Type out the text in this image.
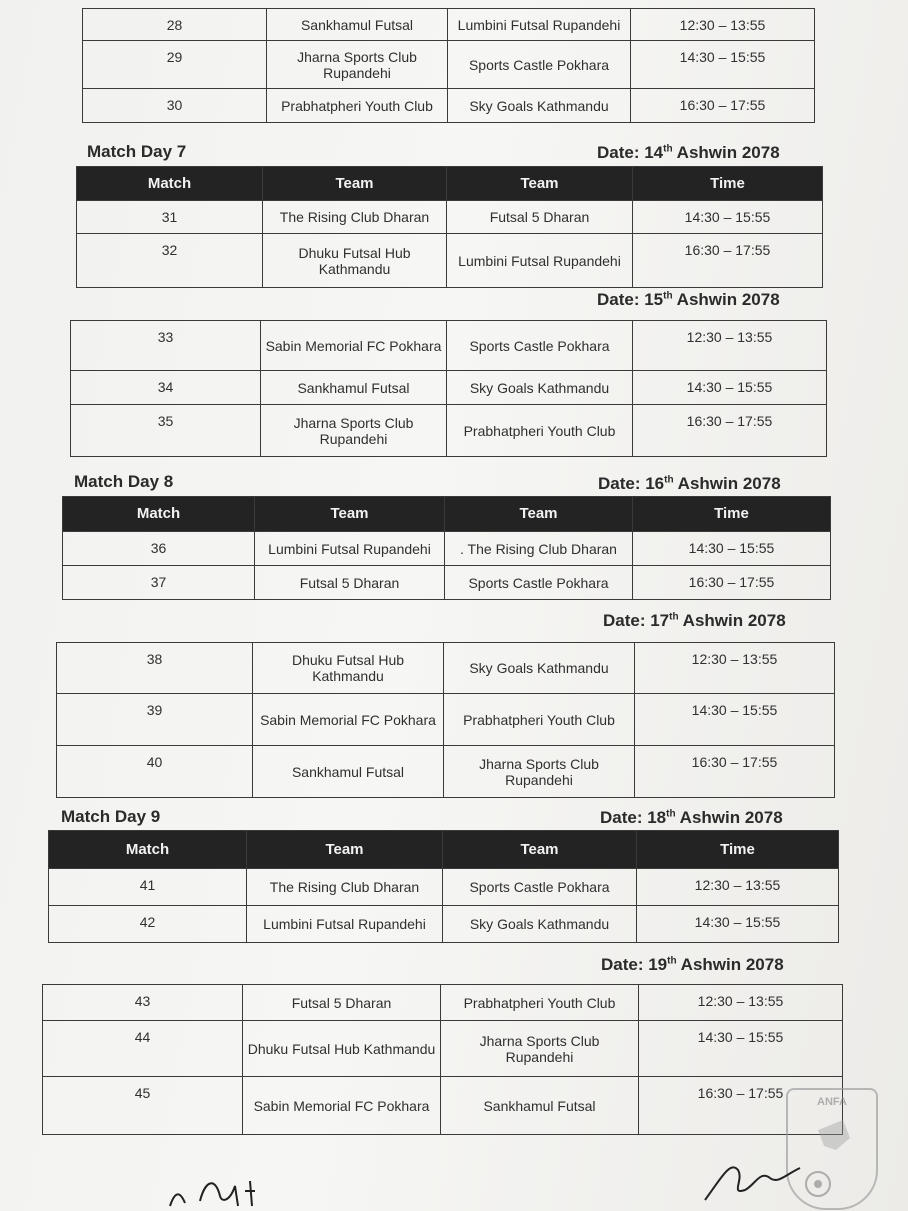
28	Sankhamul Futsal	Lumbini Futsal Rupandehi	12:30 – 13:55
29	Jharna Sports Club Rupandehi	Sports Castle Pokhara	14:30 – 15:55
30	Prabhatpheri Youth Club	Sky Goals Kathmandu	16:30 – 17:55
Match Day 7	Date: 14th Ashwin 2078
Match	Team	Team	Time
31	The Rising Club Dharan	Futsal 5 Dharan	14:30 – 15:55
32	Dhuku Futsal Hub Kathmandu	Lumbini Futsal Rupandehi	16:30 – 17:55
Date: 15th Ashwin 2078
33	Sabin Memorial FC Pokhara	Sports Castle Pokhara	12:30 – 13:55
34	Sankhamul Futsal	Sky Goals Kathmandu	14:30 – 15:55
35	Jharna Sports Club Rupandehi	Prabhatpheri Youth Club	16:30 – 17:55
Match Day 8	Date: 16th Ashwin 2078
Match	Team	Team	Time
36	Lumbini Futsal Rupandehi	. The Rising Club Dharan	14:30 – 15:55
37	Futsal 5 Dharan	Sports Castle Pokhara	16:30 – 17:55
Date: 17th Ashwin 2078
38	Dhuku Futsal Hub Kathmandu	Sky Goals Kathmandu	12:30 – 13:55
39	Sabin Memorial FC Pokhara	Prabhatpheri Youth Club	14:30 – 15:55
40	Sankhamul Futsal	Jharna Sports Club Rupandehi	16:30 – 17:55
Match Day 9	Date: 18th Ashwin 2078
Match	Team	Team	Time
41	The Rising Club Dharan	Sports Castle Pokhara	12:30 – 13:55
42	Lumbini Futsal Rupandehi	Sky Goals Kathmandu	14:30 – 15:55
Date: 19th Ashwin 2078
43	Futsal 5 Dharan	Prabhatpheri Youth Club	12:30 – 13:55
44	Dhuku Futsal Hub Kathmandu	Jharna Sports Club Rupandehi	14:30 – 15:55
45	Sabin Memorial FC Pokhara	Sankhamul Futsal	16:30 – 17:55
ANFA
